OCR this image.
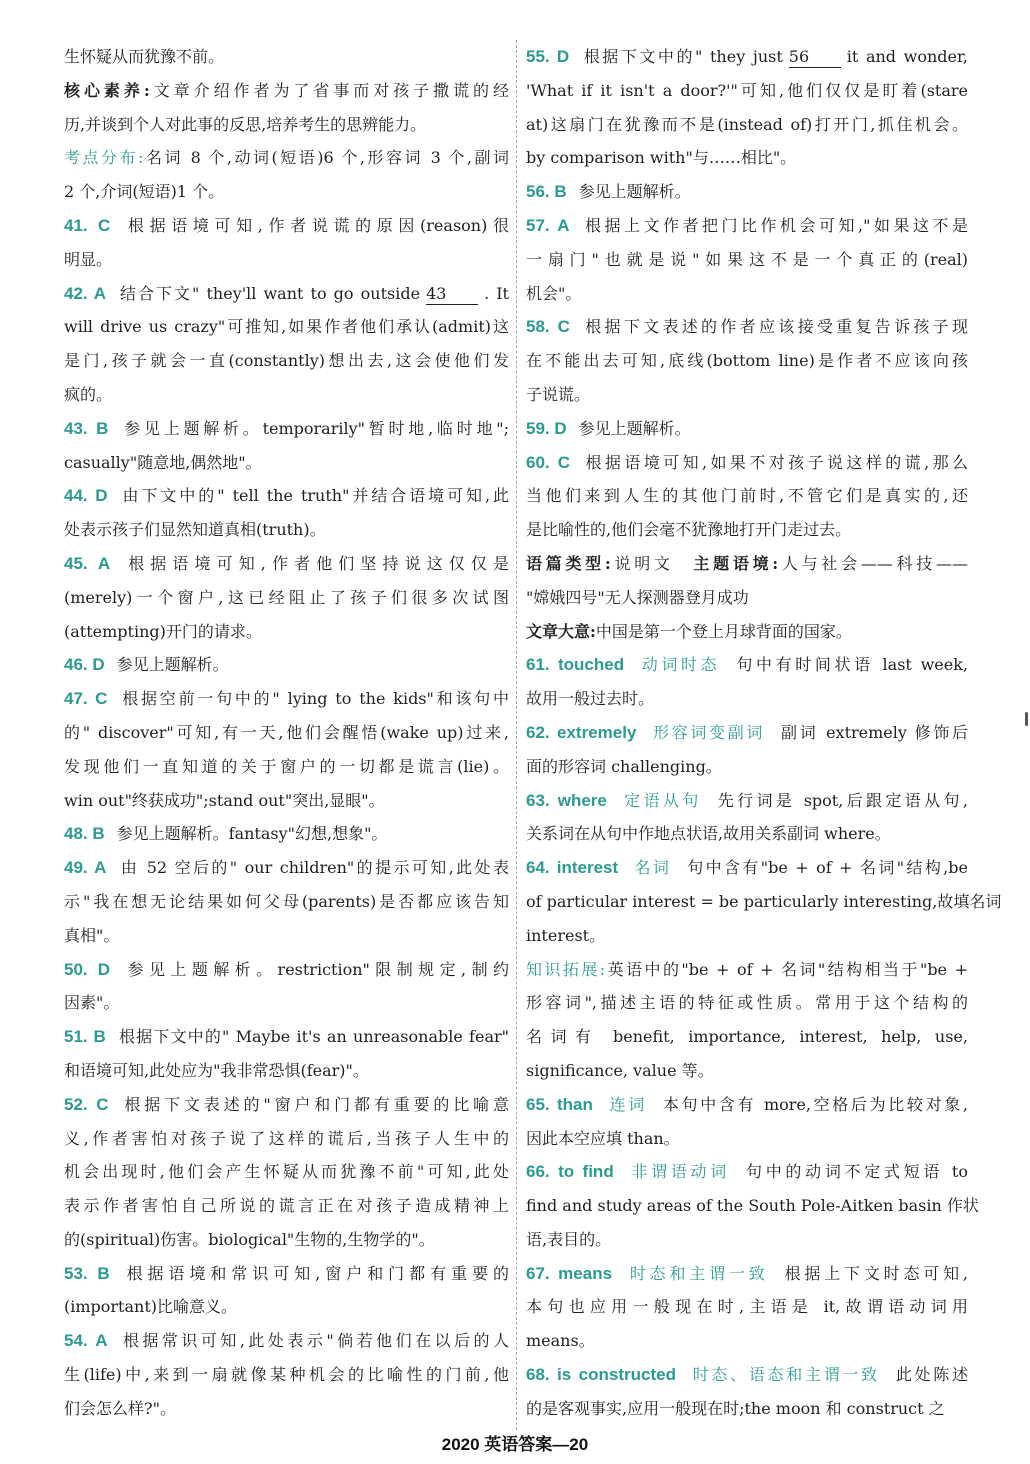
生怀疑从而犹豫不前。
核心素养:文章介绍作者为了省事而对孩子撒谎的经
历,并谈到个人对此事的反思,培养考生的思辨能力。
考点分布:名词 8 个,动词(短语)6 个,形容词 3 个,副词
2 个,介词(短语)1 个。
41. C 根据语境可知,作者说谎的原因(reason)很
明显。
42. A 结合下文" they'll want to go outside 43 . It
will drive us crazy"可推知,如果作者他们承认(admit)这
是门,孩子就会一直(constantly)想出去,这会使他们发
疯的。
43. B 参见上题解析。temporarily"暂时地,临时地";
casually"随意地,偶然地"。
44. D 由下文中的" tell the truth"并结合语境可知,此
处表示孩子们显然知道真相(truth)。
45. A 根据语境可知,作者他们坚持说这仅仅是
(merely)一个窗户,这已经阻止了孩子们很多次试图
(attempting)开门的请求。
46. D 参见上题解析。
47. C 根据空前一句中的" lying to the kids"和该句中
的" discover"可知,有一天,他们会醒悟(wake up)过来,
发现他们一直知道的关于窗户的一切都是谎言(lie)。
win out"终获成功";stand out"突出,显眼"。
48. B 参见上题解析。fantasy"幻想,想象"。
49. A 由 52 空后的" our children"的提示可知,此处表
示"我在想无论结果如何父母(parents)是否都应该告知
真相"。
50. D 参见上题解析。restriction"限制规定,制约
因素"。
51. B 根据下文中的" Maybe it's an unreasonable fear"
和语境可知,此处应为"我非常恐惧(fear)"。
52. C 根据下文表述的"窗户和门都有重要的比喻意
义,作者害怕对孩子说了这样的谎后,当孩子人生中的
机会出现时,他们会产生怀疑从而犹豫不前"可知,此处
表示作者害怕自己所说的谎言正在对孩子造成精神上
的(spiritual)伤害。biological"生物的,生物学的"。
53. B 根据语境和常识可知,窗户和门都有重要的
(important)比喻意义。
54. A 根据常识可知,此处表示"倘若他们在以后的人
生(life)中,来到一扇就像某种机会的比喻性的门前,他
们会怎么样?"。
55. D 根据下文中的" they just 56 it and wonder,
'What if it isn't a door?'"可知,他们仅仅是盯着(stare
at)这扇门在犹豫而不是(instead of)打开门,抓住机会。
by comparison with"与……相比"。
56. B 参见上题解析。
57. A 根据上文作者把门比作机会可知,"如果这不是
一扇门"也就是说"如果这不是一个真正的(real)
机会"。
58. C 根据下文表述的作者应该接受重复告诉孩子现
在不能出去可知,底线(bottom line)是作者不应该向孩
子说谎。
59. D 参见上题解析。
60. C 根据语境可知,如果不对孩子说这样的谎,那么
当他们来到人生的其他门前时,不管它们是真实的,还
是比喻性的,他们会毫不犹豫地打开门走过去。
语篇类型:说明文　主题语境:人与社会——科技——
"嫦娥四号"无人探测器登月成功
文章大意:中国是第一个登上月球背面的国家。
61. touched 动词时态 句中有时间状语 last week,
故用一般过去时。
62. extremely 形容词变副词 副词 extremely 修饰后
面的形容词 challenging。
63. where 定语从句 先行词是 spot,后跟定语从句,
关系词在从句中作地点状语,故用关系副词 where。
64. interest 名词 句中含有"be + of + 名词"结构,be
of particular interest = be particularly interesting,故填名词
interest。
知识拓展:英语中的"be + of + 名词"结构相当于"be +
形容词",描述主语的特征或性质。常用于这个结构的
名词有 benefit, importance, interest, help, use,
significance, value 等。
65. than 连词 本句中含有 more,空格后为比较对象,
因此本空应填 than。
66. to find 非谓语动词 句中的动词不定式短语 to
find and study areas of the South Pole-Aitken basin 作状
语,表目的。
67. means 时态和主谓一致 根据上下文时态可知,
本句也应用一般现在时,主语是 it,故谓语动词用
means。
68. is constructed 时态、语态和主谓一致 此处陈述
的是客观事实,应用一般现在时;the moon 和 construct 之
2020 英语答案—20
